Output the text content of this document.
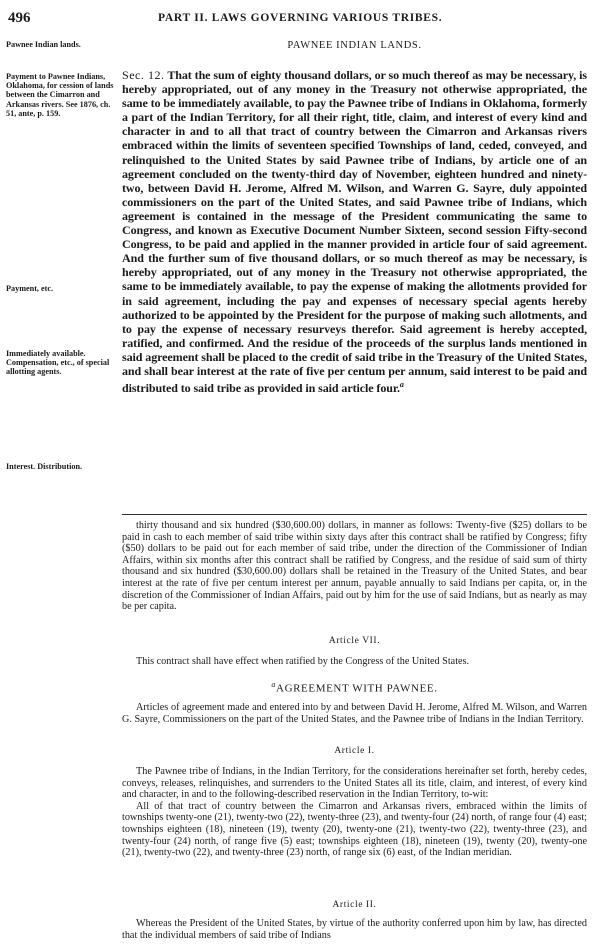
496	PART II. LAWS GOVERNING VARIOUS TRIBES.
Pawnee Indian lands.
Payment to Pawnee Indians, Oklahoma, for cession of lands between the Cimarron and Arkansas rivers. See 1876, ch. 51, ante, p. 159.
Payment, etc.
Immediately available. Compensation, etc., of special allotting agents.
Interest. Distribution.
PAWNEE INDIAN LANDS.
Sec. 12. That the sum of eighty thousand dollars, or so much thereof as may be necessary, is hereby appropriated, out of any money in the Treasury not otherwise appropriated, the same to be immediately available, to pay the Pawnee tribe of Indians in Oklahoma, formerly a part of the Indian Territory, for all their right, title, claim, and interest of every kind and character in and to all that tract of country between the Cimarron and Arkansas rivers embraced within the limits of seventeen specified Townships of land, ceded, conveyed, and relinquished to the United States by said Pawnee tribe of Indians, by article one of an agreement concluded on the twenty-third day of November, eighteen hundred and ninety-two, between David H. Jerome, Alfred M. Wilson, and Warren G. Sayre, duly appointed commissioners on the part of the United States, and said Pawnee tribe of Indians, which agreement is contained in the message of the President communicating the same to Congress, and known as Executive Document Number Sixteen, second session Fifty-second Congress, to be paid and applied in the manner provided in article four of said agreement. And the further sum of five thousand dollars, or so much thereof as may be necessary, is hereby appropriated, out of any money in the Treasury not otherwise appropriated, the same to be immediately available, to pay the expense of making the allotments provided for in said agreement, including the pay and expenses of necessary special agents hereby authorized to be appointed by the President for the purpose of making such allotments, and to pay the expense of necessary resurveys therefor. Said agreement is hereby accepted, ratified, and confirmed. And the residue of the proceeds of the surplus lands mentioned in said agreement shall be placed to the credit of said tribe in the Treasury of the United States, and shall bear interest at the rate of five per centum per annum, said interest to be paid and distributed to said tribe as provided in said article four.$^a$

thirty thousand and six hundred ($30,600.00) dollars, in manner as follows: Twenty-five ($25) dollars to be paid in cash to each member of said tribe within sixty days after this contract shall be ratified by Congress; fifty ($50) dollars to be paid out for each member of said tribe, under the direction of the Commissioner of Indian Affairs, within six months after this contract shall be ratified by Congress, and the residue of said sum of thirty thousand and six hundred ($30,600.00) dollars shall be retained in the Treasury of the United States, and bear interest at the rate of five per centum interest per annum, payable annually to said Indians per capita, or, in the discretion of the Commissioner of Indian Affairs, paid out by him for the use of said Indians, but as nearly as may be per capita.

Article VII.

This contract shall have effect when ratified by the Congress of the United States.

$^a$AGREEMENT WITH PAWNEE.

Articles of agreement made and entered into by and between David H. Jerome, Alfred M. Wilson, and Warren G. Sayre, Commissioners on the part of the United States, and the Pawnee tribe of Indians in the Indian Territory.

Article I.

The Pawnee tribe of Indians, in the Indian Territory, for the considerations hereinafter set forth, hereby cedes, conveys, releases, relinquishes, and surrenders to the United States all its title, claim, and interest, of every kind and character, in and to the following-described reservation in the Indian Territory, to-wit:

All of that tract of country between the Cimarron and Arkansas rivers, embraced within the limits of townships twenty-one (21), twenty-two (22), twenty-three (23), and twenty-four (24) north, of range four (4) east; townships eighteen (18), nineteen (19), twenty (20), twenty-one (21), twenty-two (22), twenty-three (23), and twenty-four (24) north, of range five (5) east; townships eighteen (18), nineteen (19), twenty (20), twenty-one (21), twenty-two (22), and twenty-three (23) north, of range six (6) east, of the Indian meridian.

Article II.

Whereas the President of the United States, by virtue of the authority conferred upon him by law, has directed that the individual members of said tribe of Indians
